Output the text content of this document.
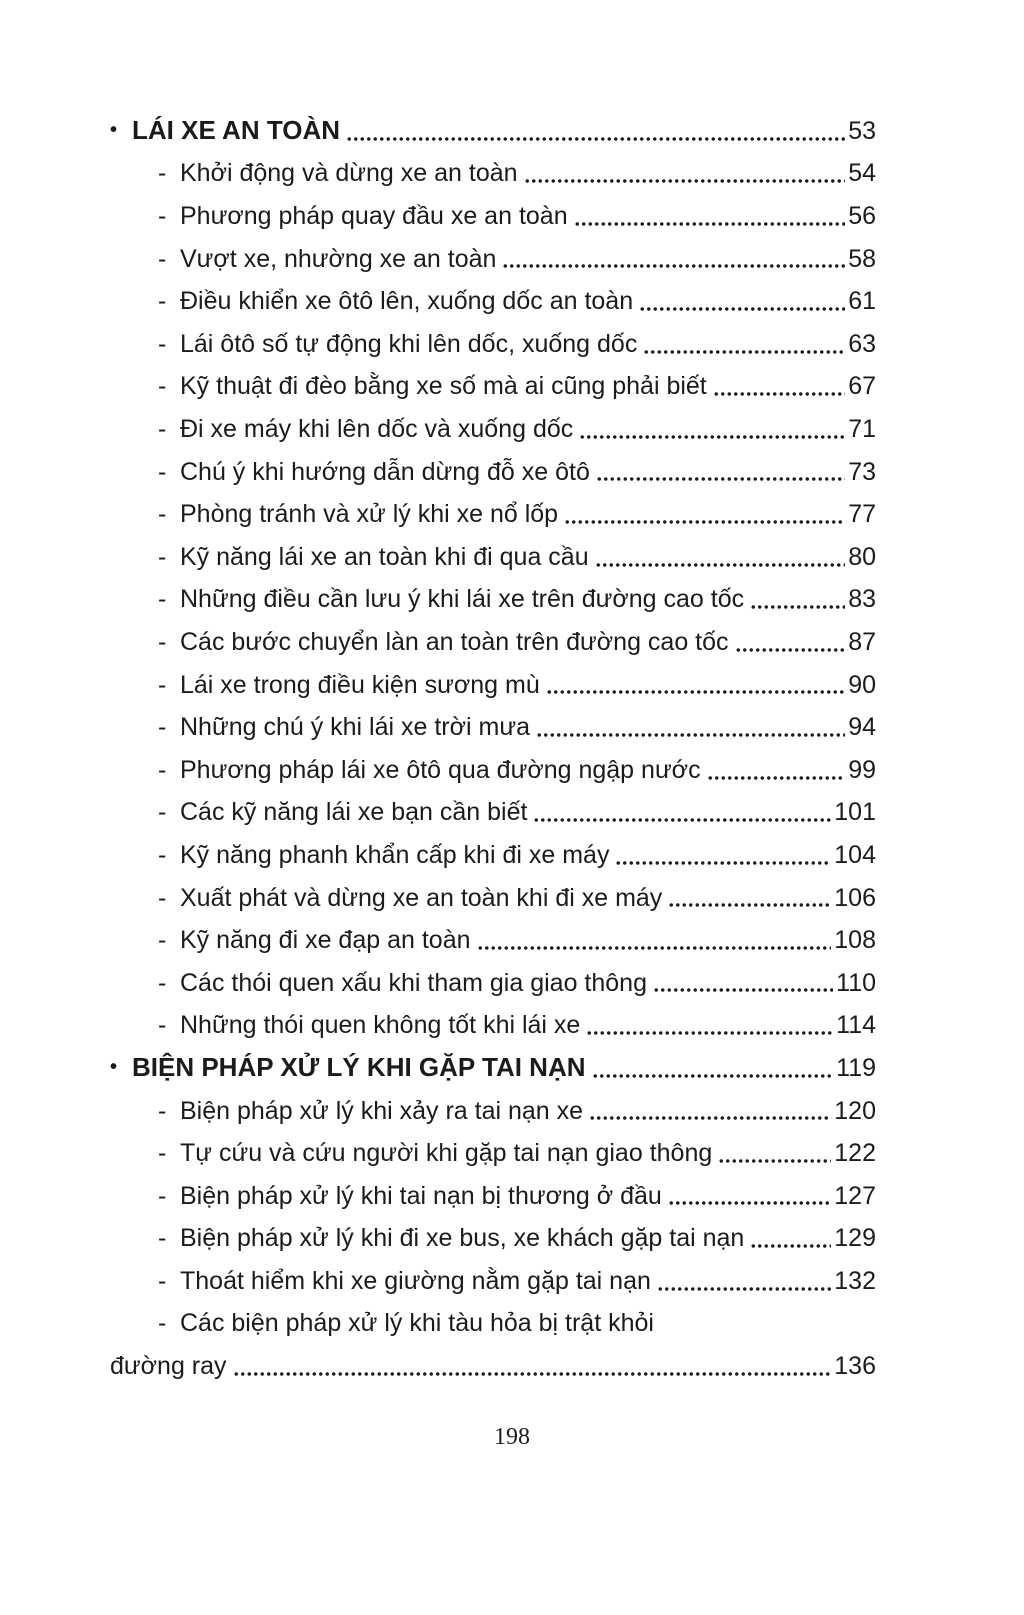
• LÁI XE AN TOÀN	53
- Khởi động và dừng xe an toàn	54
- Phương pháp quay đầu xe an toàn	56
- Vượt xe, nhường xe an toàn	58
- Điều khiển xe ôtô lên, xuống dốc an toàn	61
- Lái ôtô số tự động khi lên dốc, xuống dốc	63
- Kỹ thuật đi đèo bằng xe số mà ai cũng phải biết	67
- Đi xe máy khi lên dốc và xuống dốc	71
- Chú ý khi hướng dẫn dừng đỗ xe ôtô	73
- Phòng tránh và xử lý khi xe nổ lốp	77
- Kỹ năng lái xe an toàn khi đi qua cầu	80
- Những điều cần lưu ý khi lái xe trên đường cao tốc	83
- Các bước chuyển làn an toàn trên đường cao tốc	87
- Lái xe trong điều kiện sương mù	90
- Những chú ý khi lái xe trời mưa	94
- Phương pháp lái xe ôtô qua đường ngập nước	99
- Các kỹ năng lái xe bạn cần biết	101
- Kỹ năng phanh khẩn cấp khi đi xe máy	104
- Xuất phát và dừng xe an toàn khi đi xe máy	106
- Kỹ năng đi xe đạp an toàn	108
- Các thói quen xấu khi tham gia giao thông	110
- Những thói quen không tốt khi lái xe	114
• BIỆN PHÁP XỬ LÝ KHI GẶP TAI NẠN	119
- Biện pháp xử lý khi xảy ra tai nạn xe	120
- Tự cứu và cứu người khi gặp tai nạn giao thông	122
- Biện pháp xử lý khi tai nạn bị thương ở đầu	127
- Biện pháp xử lý khi đi xe bus, xe khách gặp tai nạn	129
- Thoát hiểm khi xe giường nằm gặp tai nạn	132
- Các biện pháp xử lý khi tàu hỏa bị trật khỏi
đường ray	136
198
